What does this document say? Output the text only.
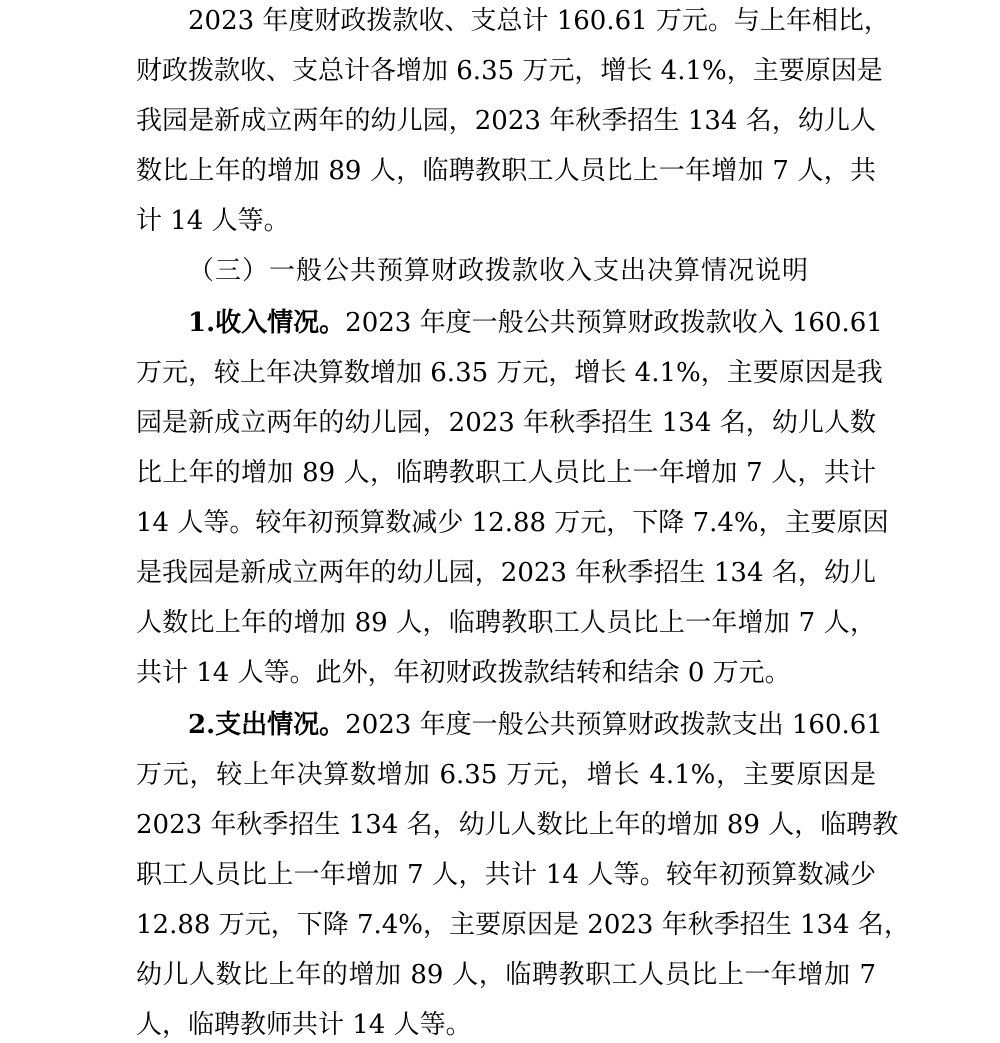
2023 年度财政拨款收、支总计 160.61 万元。与上年相比，
财政拨款收、支总计各增加 6.35 万元，增长 4.1%，主要原因是
我园是新成立两年的幼儿园，2023 年秋季招生 134 名，幼儿人
数比上年的增加 89 人，临聘教职工人员比上一年增加 7 人，共
计 14 人等。
（三）一般公共预算财政拨款收入支出决算情况说明
1.收入情况。2023 年度一般公共预算财政拨款收入 160.61
万元，较上年决算数增加 6.35 万元，增长 4.1%，主要原因是我
园是新成立两年的幼儿园，2023 年秋季招生 134 名，幼儿人数
比上年的增加 89 人，临聘教职工人员比上一年增加 7 人，共计
14 人等。较年初预算数减少 12.88 万元，下降 7.4%，主要原因
是我园是新成立两年的幼儿园，2023 年秋季招生 134 名，幼儿
人数比上年的增加 89 人，临聘教职工人员比上一年增加 7 人，
共计 14 人等。此外，年初财政拨款结转和结余 0 万元。
2.支出情况。2023 年度一般公共预算财政拨款支出 160.61
万元，较上年决算数增加 6.35 万元，增长 4.1%，主要原因是
2023 年秋季招生 134 名，幼儿人数比上年的增加 89 人，临聘教
职工人员比上一年增加 7 人，共计 14 人等。较年初预算数减少
12.88 万元，下降 7.4%，主要原因是 2023 年秋季招生 134 名，
幼儿人数比上年的增加 89 人，临聘教职工人员比上一年增加 7
人，临聘教师共计 14 人等。
